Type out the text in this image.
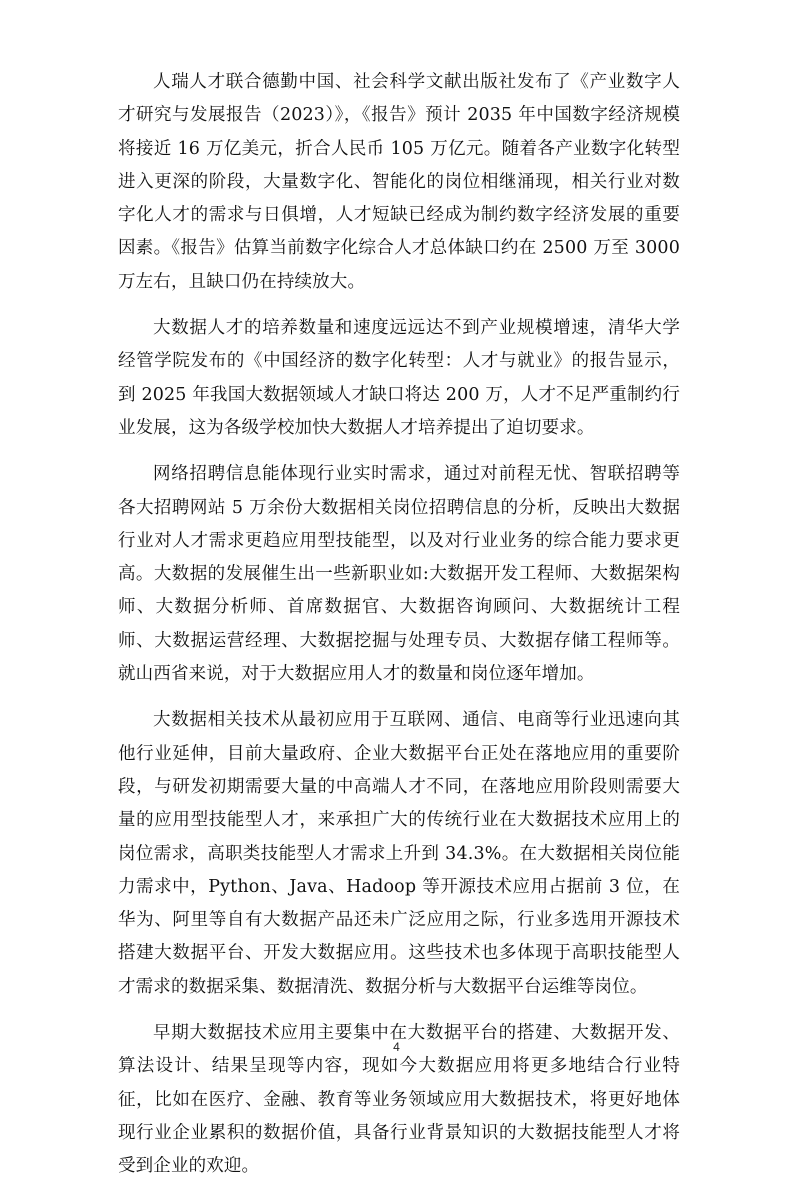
人瑞人才联合德勤中国、社会科学文献出版社发布了《产业数字人才研究与发展报告（2023）》，《报告》预计 2035 年中国数字经济规模将接近 16 万亿美元，折合人民币 105 万亿元。随着各产业数字化转型进入更深的阶段，大量数字化、智能化的岗位相继涌现，相关行业对数字化人才的需求与日俱增，人才短缺已经成为制约数字经济发展的重要因素。《报告》估算当前数字化综合人才总体缺口约在 2500 万至 3000 万左右，且缺口仍在持续放大。

大数据人才的培养数量和速度远远达不到产业规模增速，清华大学经管学院发布的《中国经济的数字化转型：人才与就业》的报告显示，到 2025 年我国大数据领域人才缺口将达 200 万，人才不足严重制约行业发展，这为各级学校加快大数据人才培养提出了迫切要求。

网络招聘信息能体现行业实时需求，通过对前程无忧、智联招聘等各大招聘网站 5 万余份大数据相关岗位招聘信息的分析，反映出大数据行业对人才需求更趋应用型技能型，以及对行业业务的综合能力要求更高。大数据的发展催生出一些新职业如:大数据开发工程师、大数据架构师、大数据分析师、首席数据官、大数据咨询顾问、大数据统计工程师、大数据运营经理、大数据挖掘与处理专员、大数据存储工程师等。就山西省来说，对于大数据应用人才的数量和岗位逐年增加。

大数据相关技术从最初应用于互联网、通信、电商等行业迅速向其他行业延伸，目前大量政府、企业大数据平台正处在落地应用的重要阶段，与研发初期需要大量的中高端人才不同，在落地应用阶段则需要大量的应用型技能型人才，来承担广大的传统行业在大数据技术应用上的岗位需求，高职类技能型人才需求上升到 34.3%。在大数据相关岗位能力需求中，Python、Java、Hadoop 等开源技术应用占据前 3 位，在华为、阿里等自有大数据产品还未广泛应用之际，行业多选用开源技术搭建大数据平台、开发大数据应用。这些技术也多体现于高职技能型人才需求的数据采集、数据清洗、数据分析与大数据平台运维等岗位。

早期大数据技术应用主要集中在大数据平台的搭建、大数据开发、算法设计、结果呈现等内容，现如今大数据应用将更多地结合行业特征，比如在医疗、金融、教育等业务领域应用大数据技术，将更好地体现行业企业累积的数据价值，具备行业背景知识的大数据技能型人才将受到企业的欢迎。

4
